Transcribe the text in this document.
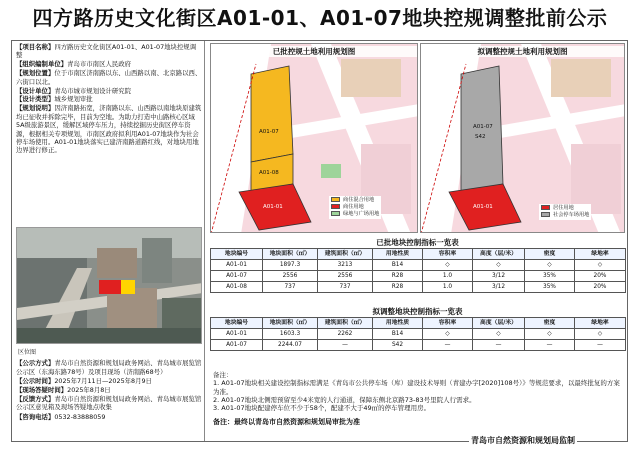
四方路历史文化街区A01-01、A01-07地块控规调整批前公示

【项目名称】四方路历史文化街区A01-01、A01-07地块控规调整

【组织编制单位】青岛市市南区人民政府

【规划位置】位于市南区济南路以东、山西路以南、北京路以西、六街口以北。

【设计单位】青岛市城市规划设计研究院

【设计类型】城乡规划审批

【规划说明】因济南路拓宽，济南路以东、山西路以南地块原建筑均已征收并拆除完毕，目前为空地。为助力打造中山路核心区域5A级旅游景区，缓解区域停车压力，持续挖掘历史街区停车资源，根据相关专项规划，市南区政府拟利用A01-07地块作为社会停车场使用。A01-01地块落实已建济南路道路红线，对地块用地边界进行修正。

区位图

【公示方式】青岛市自然资源和规划局政务网站、青岛城市展览馆公示区（东海东路78号）及项目现场（济南路68号）

【公示时间】2025年7月11日—2025年8月9日

【现场答疑时间】2025年8月8日

【反馈方式】青岛市自然资源和规划局政务网站、青岛城市展览馆公示区意见箱及现场答疑地点收集

【咨询电话】0532-83888059

已批控规土地利用规划图
A01-07
A01-08
A01-01
商住混合用地
商住用地
绿地与广场用地
拟调整控规土地利用规划图
A01-07
S42
A01-01	居住用地
社会停车场用地
已批地块控制指标一览表
地块编号	地块面积（㎡）	建筑面积（㎡）	用地性质	容积率	高度（层/米）	密度	绿地率
A01-01	1897.3	3213	B14	◇	◇	◇	◇
A01-07	2556	2556	R28	1.0	3/12	35%	20%
A01-08	737	737	R28	1.0	3/12	35%	20%
拟调整地块控制指标一览表
地块编号	地块面积（㎡）	建筑面积（㎡）	用地性质	容积率	高度（层/米）	密度	绿地率
A01-01	1603.3	2262	B14	◇	◇	◇	◇
A01-07	2244.07	—	S42	—	—	—	—
备注：
1. A01-07地块相关建设控制指标需满足《青岛市公共停车场（库）建设技术导则（青建办字[2020]108号）》等规范要求，以最终批复的方案为准。
2. A01-07地块北侧需预留至少4米宽的人行通道，保障东侧北京路73-83号里院人行需求。
3. A01-07地块配建停车位不少于58个，配建不大于49㎡的停车管理用房。
备注：最终以青岛市自然资源和规划局审批为准
青岛市自然资源和规划局监制
